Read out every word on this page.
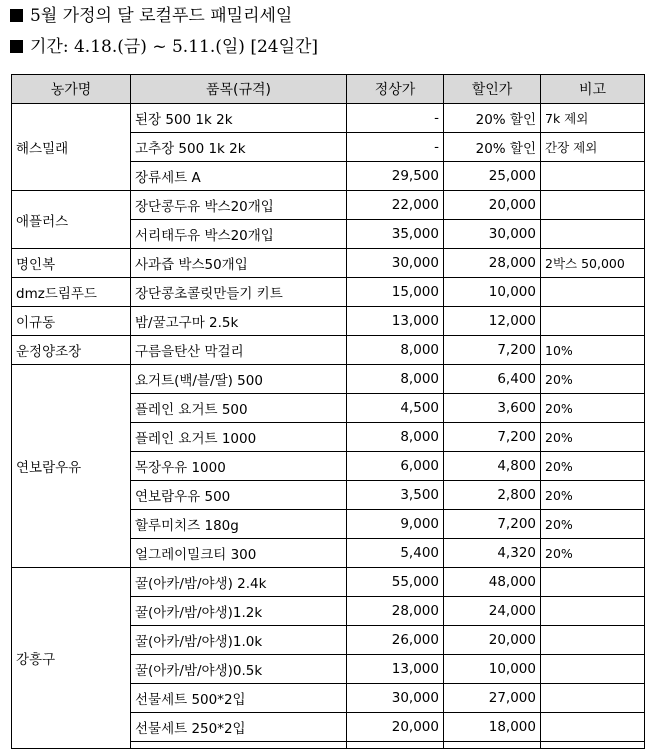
5월 가정의 달 로컬푸드 패밀리세일
기간: 4.18.(금) ~ 5.11.(일) [24일간]
농가명	품목(규격)	정상가	할인가	비고
해스밀래	된장 500 1k 2k	-	20% 할인	7k 제외
	고추장 500 1k 2k	-	20% 할인	간장 제외
	장류세트 A	29,500	25,000	
애플러스	장단콩두유 박스20개입	22,000	20,000	
	서리태두유 박스20개입	35,000	30,000	
명인복	사과즙 박스50개입	30,000	28,000	2박스 50,000
dmz드림푸드	장단콩초콜릿만들기 키트	15,000	10,000	
이규동	밤/꿀고구마 2.5k	13,000	12,000	
운정양조장	구름을탄산 막걸리	8,000	7,200	10%
연보람우유	요거트(백/블/딸) 500	8,000	6,400	20%
	플레인 요거트 500	4,500	3,600	20%
	플레인 요거트 1000	8,000	7,200	20%
	목장우유 1000	6,000	4,800	20%
	연보람우유 500	3,500	2,800	20%
	할루미치즈 180g	9,000	7,200	20%
	얼그레이밀크티 300	5,400	4,320	20%
강흥구	꿀(아카/밤/야생) 2.4k	55,000	48,000	
	꿀(아카/밤/야생)1.2k	28,000	24,000	
	꿀(아카/밤/야생)1.0k	26,000	20,000	
	꿀(아카/밤/야생)0.5k	13,000	10,000	
	선물세트 500*2입	30,000	27,000	
	선물세트 250*2입	20,000	18,000	
